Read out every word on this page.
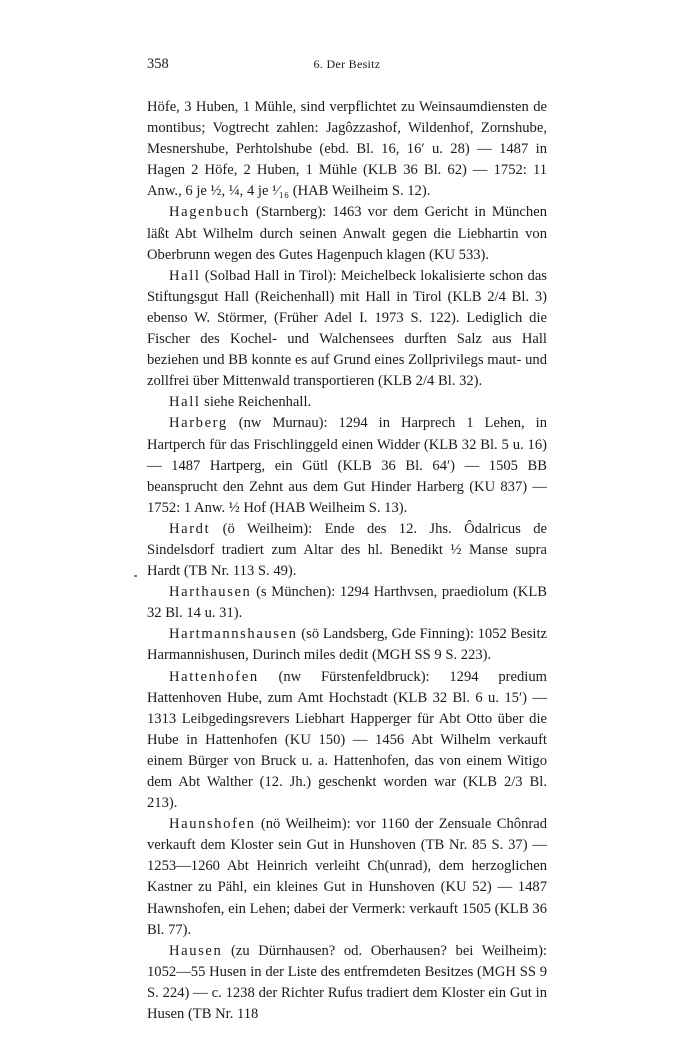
358	6. Der Besitz

Höfe, 3 Huben, 1 Mühle, sind verpflichtet zu Weinsaumdiensten de montibus; Vogtrecht zahlen: Jagôzzashof, Wildenhof, Zornshube, Mesnershube, Perhtolshube (ebd. Bl. 16, 16′ u. 28) — 1487 in Hagen 2 Höfe, 2 Huben, 1 Mühle (KLB 36 Bl. 62) — 1752: 11 Anw., 6 je ½, ¼, 4 je ¹⁄₁₆ (HAB Weilheim S. 12).

Hagenbuch (Starnberg): 1463 vor dem Gericht in München läßt Abt Wilhelm durch seinen Anwalt gegen die Liebhartin von Oberbrunn wegen des Gutes Hagenpuch klagen (KU 533).

Hall (Solbad Hall in Tirol): Meichelbeck lokalisierte schon das Stiftungsgut Hall (Reichenhall) mit Hall in Tirol (KLB 2/4 Bl. 3) ebenso W. Störmer, (Früher Adel I. 1973 S. 122). Lediglich die Fischer des Kochel- und Walchensees durften Salz aus Hall beziehen und BB konnte es auf Grund eines Zollprivilegs maut- und zollfrei über Mittenwald transportieren (KLB 2/4 Bl. 32).

Hall siehe Reichenhall.

Harberg (nw Murnau): 1294 in Harprech 1 Lehen, in Hartperch für das Frischlinggeld einen Widder (KLB 32 Bl. 5 u. 16) — 1487 Hartperg, ein Gütl (KLB 36 Bl. 64′) — 1505 BB beansprucht den Zehnt aus dem Gut Hinder Harberg (KU 837) — 1752: 1 Anw. ½ Hof (HAB Weilheim S. 13).

Hardt (ö Weilheim): Ende des 12. Jhs. Ôdalricus de Sindelsdorf tradiert zum Altar des hl. Benedikt ½ Manse supra Hardt (TB Nr. 113 S. 49).

Harthausen (s München): 1294 Harthvsen, praediolum (KLB 32 Bl. 14 u. 31).

Hartmannshausen (sö Landsberg, Gde Finning): 1052 Besitz Harmannishusen, Durinch miles dedit (MGH SS 9 S. 223).

Hattenhofen (nw Fürstenfeldbruck): 1294 predium Hattenhoven Hube, zum Amt Hochstadt (KLB 32 Bl. 6 u. 15′) — 1313 Leibgedingsrevers Liebhart Happerger für Abt Otto über die Hube in Hattenhofen (KU 150) — 1456 Abt Wilhelm verkauft einem Bürger von Bruck u. a. Hattenhofen, das von einem Witigo dem Abt Walther (12. Jh.) geschenkt worden war (KLB 2/3 Bl. 213).

Haunshofen (nö Weilheim): vor 1160 der Zensuale Chônrad verkauft dem Kloster sein Gut in Hunshoven (TB Nr. 85 S. 37) — 1253—1260 Abt Heinrich verleiht Ch(unrad), dem herzoglichen Kastner zu Pähl, ein kleines Gut in Hunshoven (KU 52) — 1487 Hawnshofen, ein Lehen; dabei der Vermerk: verkauft 1505 (KLB 36 Bl. 77).

Hausen (zu Dürnhausen? od. Oberhausen? bei Weilheim): 1052—55 Husen in der Liste des entfremdeten Besitzes (MGH SS 9 S. 224) — c. 1238 der Richter Rufus tradiert dem Kloster ein Gut in Husen (TB Nr. 118
